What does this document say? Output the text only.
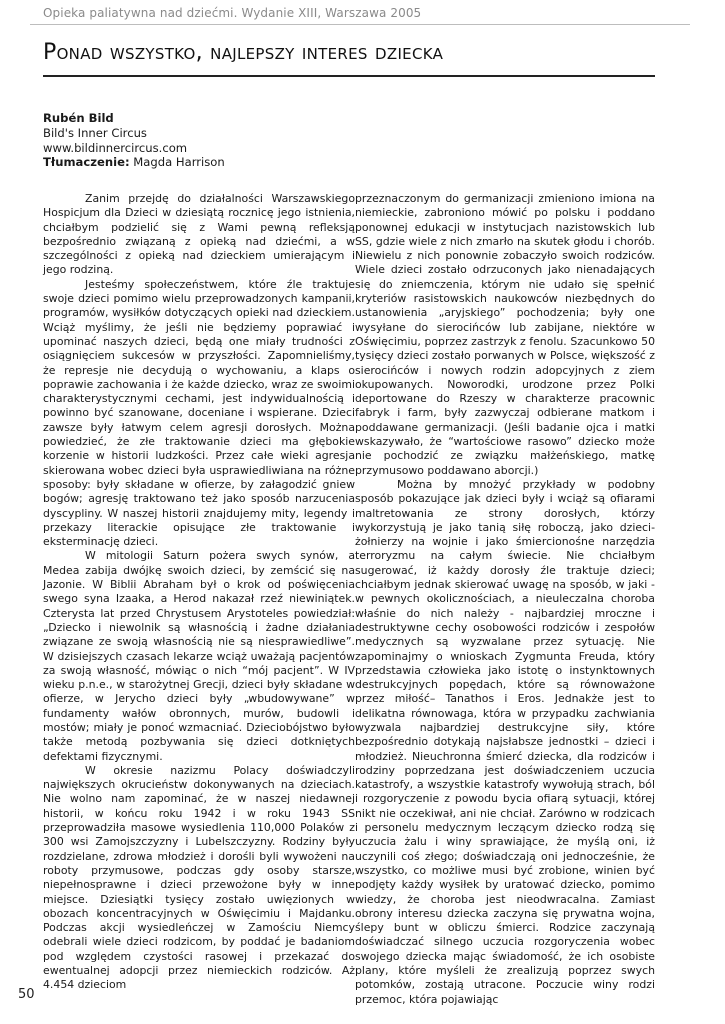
Opieka paliatywna nad dziećmi. Wydanie XIII, Warszawa 2005
Ponad wszystko, najlepszy interes dziecka
Rubén Bild
Bild's Inner Circus
www.bildinnercircus.com
Tłumaczenie: Magda Harrison

Zanim przejdę do działalności Warszawskiego Hospicjum dla Dzieci w dziesiątą rocznicę jego istnienia, chciałbym podzielić się z Wami pewną refleksją bezpośrednio związaną z opieką nad dziećmi, a w szczególności z opieką nad dzieckiem umierającym i jego rodziną.

Jesteśmy społeczeństwem, które źle traktuje swoje dzieci pomimo wielu przeprowadzonych kampanii, programów, wysiłków dotyczących opieki nad dzieckiem. Wciąż myślimy, że jeśli nie będziemy poprawiać i upominać naszych dzieci, będą one miały trudności z osiągnięciem sukcesów w przyszłości. Zapomnieliśmy, że represje nie decydują o wychowaniu, a klaps o poprawie zachowania i że każde dziecko, wraz ze swoimi charakterystycznymi cechami, jest indywidualnością i powinno być szanowane, doceniane i wspierane. Dzieci zawsze były łatwym celem agresji dorosłych. Można powiedzieć, że złe traktowanie dzieci ma głębokie korzenie w historii ludzkości. Przez całe wieki agresja skierowana wobec dzieci była usprawiedliwiana na różne sposoby: były składane w ofierze, by załagodzić gniew bogów; agresję traktowano też jako sposób narzucenia dyscypliny. W naszej historii znajdujemy mity, legendy i przekazy literackie opisujące złe traktowanie i eksterminację dzieci.

W mitologii Saturn pożera swych synów, a Medea zabija dwójkę swoich dzieci, by zemścić się na Jazonie. W Biblii Abraham był o krok od poświęcenia swego syna Izaaka, a Herod nakazał rzeź niewiniątek. Czterysta lat przed Chrystusem Arystoteles powiedział: „Dziecko i niewolnik są własnością i żadne działania związane ze swoją własnością nie są niesprawiedliwe”. W dzisiejszych czasach lekarze wciąż uważają pacjentów za swoją własność, mówiąc o nich “mój pacjent”. W IV wieku p.n.e., w starożytnej Grecji, dzieci były składane w ofierze, w Jerycho dzieci były „wbudowywane” w fundamenty wałów obronnych, murów, budowli i mostów; miały je ponoć wzmacniać. Dzieciobójstwo było także metodą pozbywania się dzieci dotkniętych defektami fizycznymi.

W okresie nazizmu Polacy doświadczyli największych okrucieństw dokonywanych na dzieciach. Nie wolno nam zapominać, że w naszej niedawnej historii, w końcu roku 1942 i w roku 1943 SS przeprowadziła masowe wysiedlenia 110,000 Polaków z 300 wsi Zamojszczyzny i Lubelszczyzny. Rodziny były rozdzielane, zdrowa młodzież i dorośli byli wywożeni na roboty przymusowe, podczas gdy osoby starsze, niepełnosprawne i dzieci przewożone były w inne miejsce. Dziesiątki tysięcy zostało uwięzionych w obozach koncentracyjnych w Oświęcimiu i Majdanku. Podczas akcji wysiedleńczej w Zamościu Niemcy odebrali wiele dzieci rodzicom, by poddać je badaniom pod względem czystości rasowej i przekazać do ewentualnej adopcji przez niemieckich rodziców. Aż 4.454 dzieciom

przeznaczonym do germanizacji zmieniono imiona na niemieckie, zabroniono mówić po polsku i poddano ponownej edukacji w instytucjach nazistowskich lub SS, gdzie wiele z nich zmarło na skutek głodu i chorób. Niewielu z nich ponownie zobaczyło swoich rodziców. Wiele dzieci zostało odrzuconych jako nienadających się do zniemczenia, którym nie udało się spełnić kryteriów rasistowskich naukowców niezbędnych do ustanowienia „aryjskiego” pochodzenia; były one wysyłane do sierocińców lub zabijane, niektóre w Oświęcimiu, poprzez zastrzyk z fenolu. Szacunkowo 50 tysięcy dzieci zostało porwanych w Polsce, większość z sierocińców i nowych rodzin adopcyjnych z ziem okupowanych. Noworodki, urodzone przez Polki deportowane do Rzeszy w charakterze pracownic fabryk i farm, były zazwyczaj odbierane matkom i poddawane germanizacji. (Jeśli badanie ojca i matki wskazywało, że “wartościowe rasowo” dziecko może nie pochodzić ze związku małżeńskiego, matkę przymusowo poddawano aborcji.)

Można by mnożyć przykłady w podobny sposób pokazujące jak dzieci były i wciąż są ofiarami maltretowania ze strony dorosłych, którzy wykorzystują je jako tanią siłę roboczą, jako dzieci-żołnierzy na wojnie i jako śmiercionośne narzędzia terroryzmu na całym świecie. Nie chciałbym sugerować, iż każdy dorosły źle traktuje dzieci; chciałbym jednak skierować uwagę na sposób, w jaki - w pewnych okolicznościach, a nieuleczalna choroba właśnie do nich należy - najbardziej mroczne i destruktywne cechy osobowości rodziców i zespołów medycznych są wyzwalane przez sytuację. Nie zapominajmy o wnioskach Zygmunta Freuda, który przedstawia człowieka jako istotę o instynktownych destrukcyjnych popędach, które są równoważone przez miłość– Tanathos i Eros. Jednakże jest to delikatna równowaga, która w przypadku zachwiania wyzwala najbardziej destrukcyjne siły, które bezpośrednio dotykają najsłabsze jednostki – dzieci i młodzież. Nieuchronna śmierć dziecka, dla rodziców i rodziny poprzedzana jest doświadczeniem uczucia katastrofy, a wszystkie katastrofy wywołują strach, ból i rozgoryczenie z powodu bycia ofiarą sytuacji, której nikt nie oczekiwał, ani nie chciał. Zarówno w rodzicach i personelu medycznym leczącym dziecko rodzą się uczucia żalu i winy sprawiające, że myślą oni, iż uczynili coś złego; doświadczają oni jednocześnie, że wszystko, co możliwe musi być zrobione, winien być podjęty każdy wysiłek by uratować dziecko, pomimo wiedzy, że choroba jest nieodwracalna. Zamiast obrony interesu dziecka zaczyna się prywatna wojna, ślepy bunt w obliczu śmierci. Rodzice zaczynają doświadczać silnego uczucia rozgoryczenia wobec swojego dziecka mając świadomość, że ich osobiste plany, które myśleli że zrealizują poprzez swych potomków, zostają utracone. Poczucie winy rodzi przemoc, która pojawiając

50
